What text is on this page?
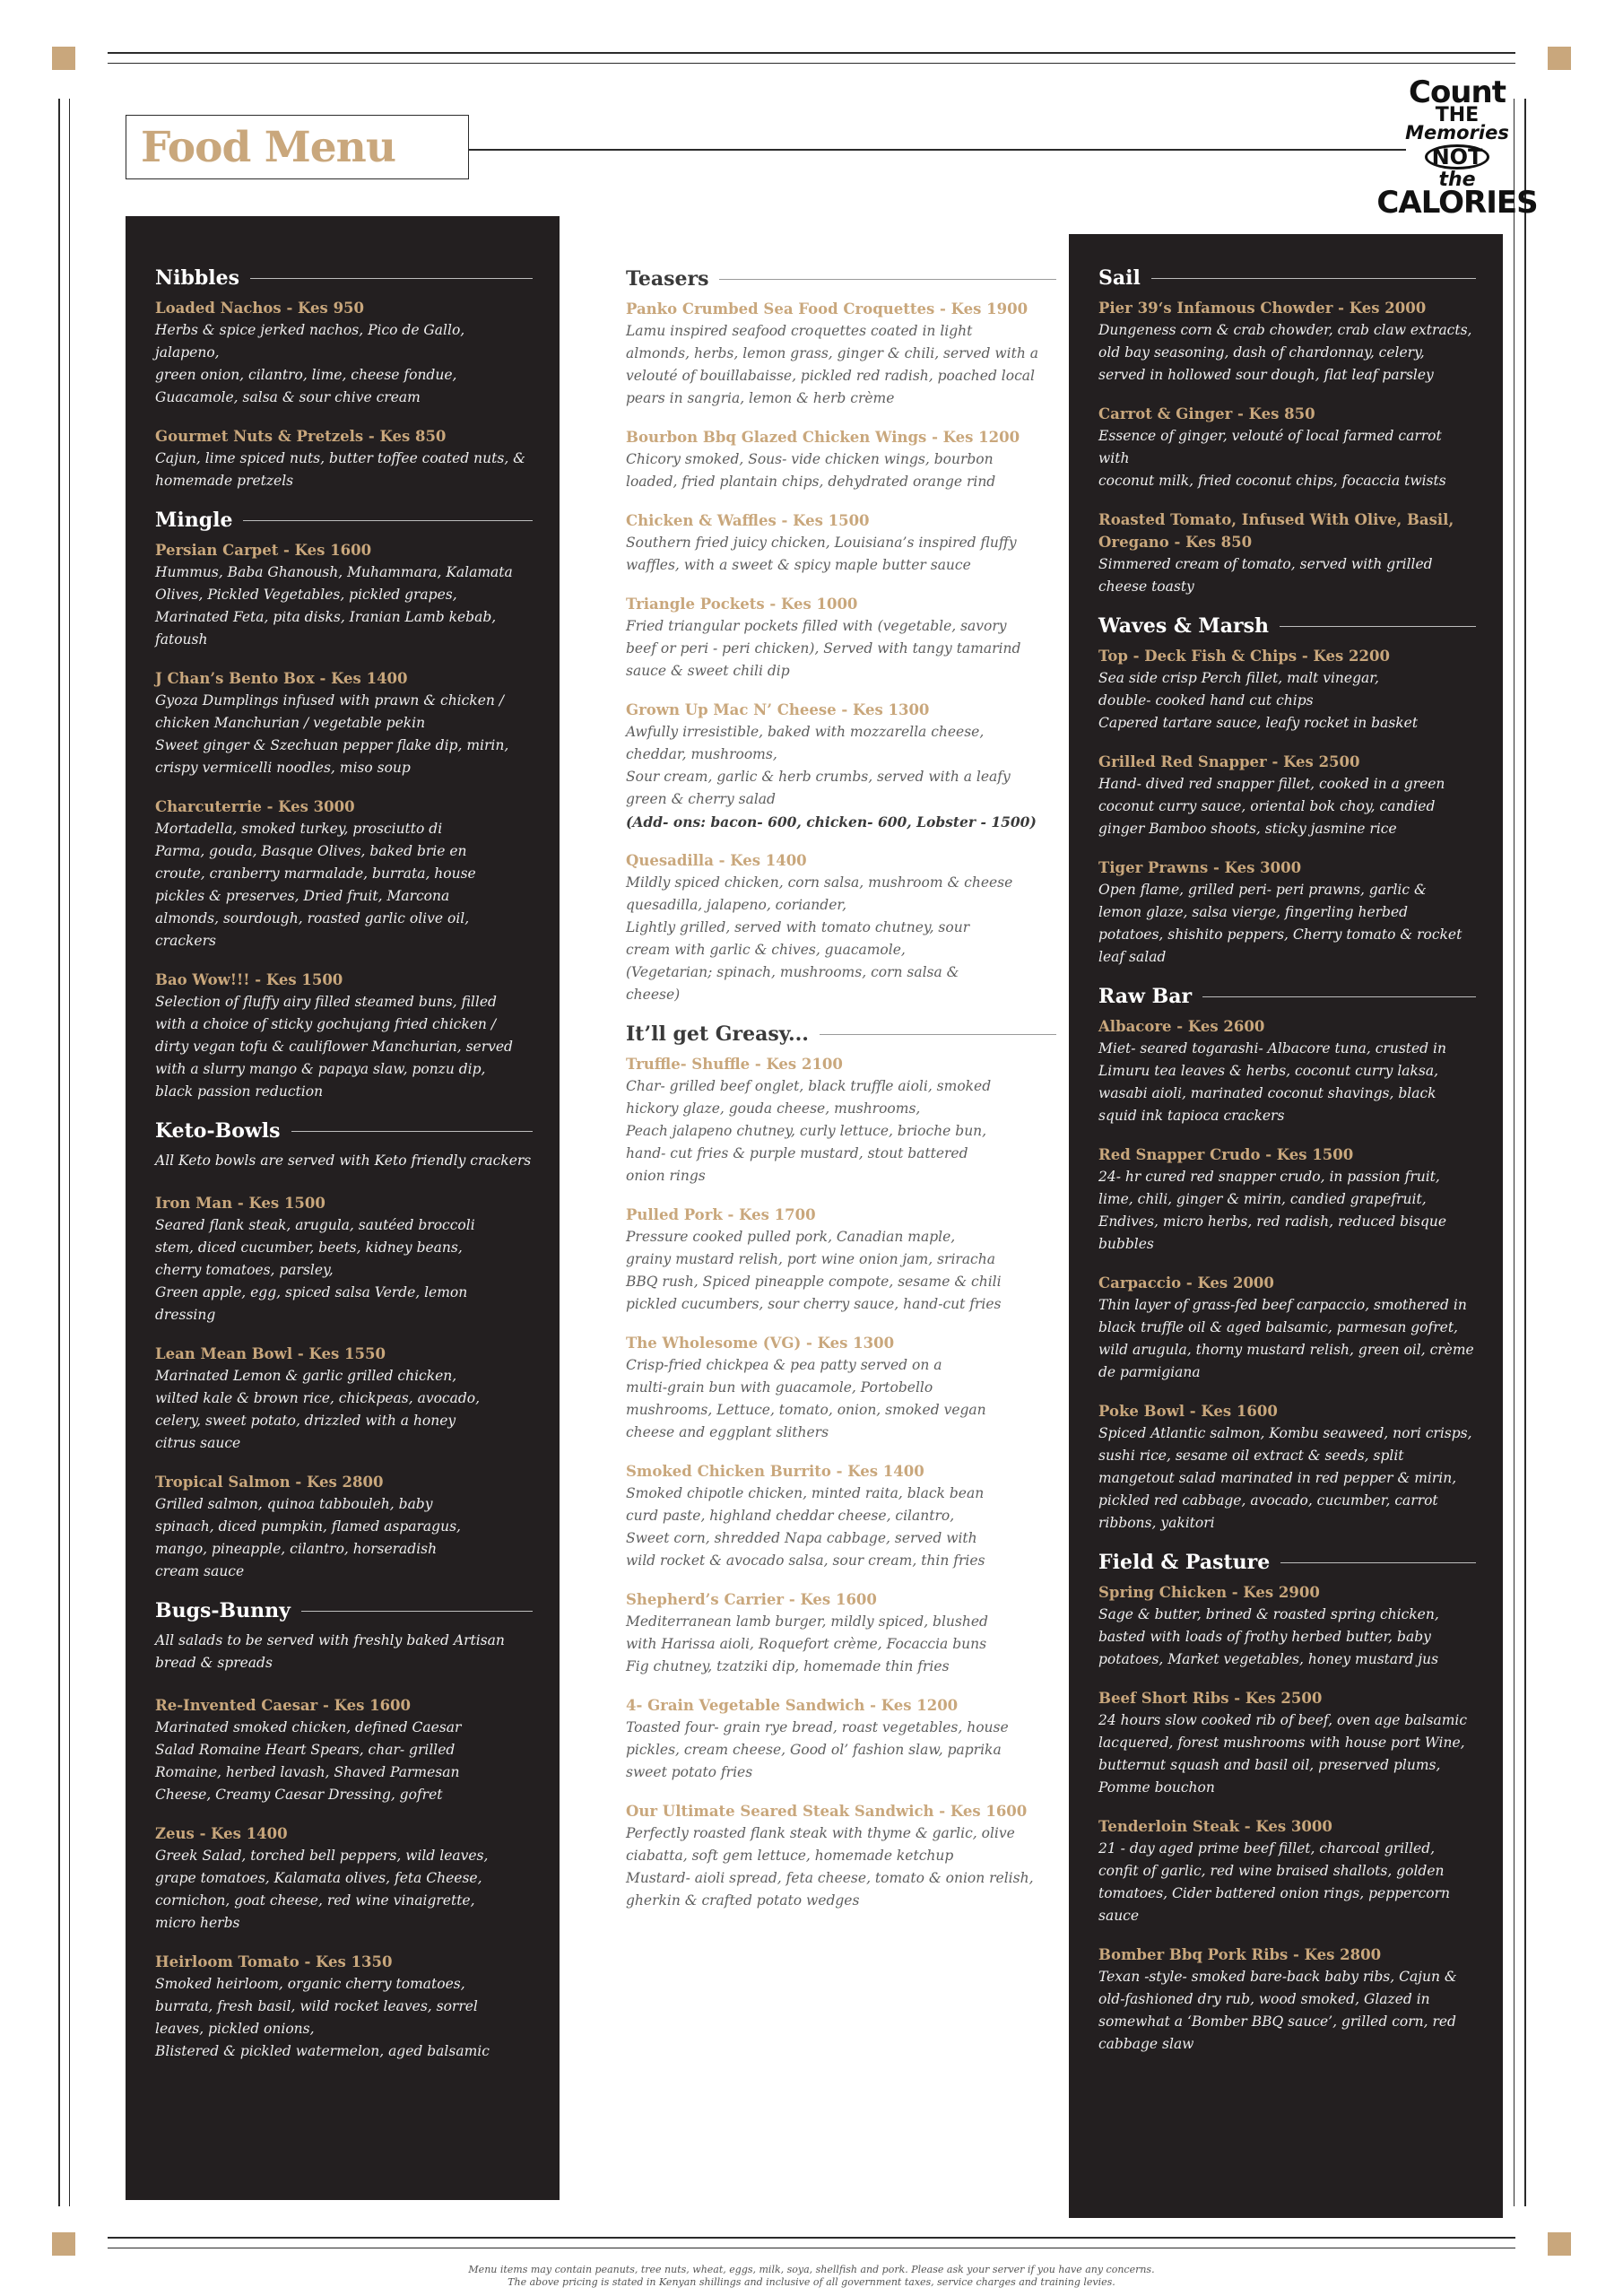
Food Menu
Count
THE
Memories
NOT
the
CALORIES
Nibbles
Loaded Nachos - Kes 950
Herbs & spice jerked nachos, Pico de Gallo, jalapeno,
green onion, cilantro, lime, cheese fondue,
Guacamole, salsa & sour chive cream
Gourmet Nuts & Pretzels - Kes 850
Cajun, lime spiced nuts, butter toffee coated nuts, &
homemade pretzels
Mingle
Persian Carpet - Kes 1600
Hummus, Baba Ghanoush, Muhammara, Kalamata
Olives, Pickled Vegetables, pickled grapes,
Marinated Feta, pita disks, Iranian Lamb kebab,
fatoush
J Chan’s Bento Box - Kes 1400
Gyoza Dumplings infused with prawn & chicken /
chicken Manchurian / vegetable pekin
Sweet ginger & Szechuan pepper flake dip, mirin,
crispy vermicelli noodles, miso soup
Charcuterrie - Kes 3000
Mortadella, smoked turkey, prosciutto di
Parma, gouda, Basque Olives, baked brie en
croute, cranberry marmalade, burrata, house
pickles & preserves, Dried fruit, Marcona
almonds, sourdough, roasted garlic olive oil,
crackers
Bao Wow!!! - Kes 1500
Selection of fluffy airy filled steamed buns, filled
with a choice of sticky gochujang fried chicken /
dirty vegan tofu & cauliflower Manchurian, served
with a slurry mango & papaya slaw, ponzu dip,
black passion reduction
Keto-Bowls
All Keto bowls are served with Keto friendly crackers
Iron Man - Kes 1500
Seared flank steak, arugula, sautéed broccoli
stem, diced cucumber, beets, kidney beans,
cherry tomatoes, parsley,
Green apple, egg, spiced salsa Verde, lemon
dressing
Lean Mean Bowl - Kes 1550
Marinated Lemon & garlic grilled chicken,
wilted kale & brown rice, chickpeas, avocado,
celery, sweet potato, drizzled with a honey
citrus sauce
Tropical Salmon - Kes 2800
Grilled salmon, quinoa tabbouleh, baby
spinach, diced pumpkin, flamed asparagus,
mango, pineapple, cilantro, horseradish
cream sauce
Bugs-Bunny
All salads to be served with freshly baked Artisan bread & spreads
Re-Invented Caesar - Kes 1600
Marinated smoked chicken, defined Caesar
Salad Romaine Heart Spears, char- grilled
Romaine, herbed lavash, Shaved Parmesan
Cheese, Creamy Caesar Dressing, gofret
Zeus - Kes 1400
Greek Salad, torched bell peppers, wild leaves,
grape tomatoes, Kalamata olives, feta Cheese,
cornichon, goat cheese, red wine vinaigrette,
micro herbs
Heirloom Tomato - Kes 1350
Smoked heirloom, organic cherry tomatoes,
burrata, fresh basil, wild rocket leaves, sorrel
leaves, pickled onions,
Blistered & pickled watermelon, aged balsamic
Teasers
Panko Crumbed Sea Food Croquettes - Kes 1900
Lamu inspired seafood croquettes coated in light
almonds, herbs, lemon grass, ginger & chili, served with a
velouté of bouillabaisse, pickled red radish, poached local
pears in sangria, lemon & herb crème
Bourbon Bbq Glazed Chicken Wings - Kes 1200
Chicory smoked, Sous- vide chicken wings, bourbon
loaded, fried plantain chips, dehydrated orange rind
Chicken & Waffles - Kes 1500
Southern fried juicy chicken, Louisiana’s inspired fluffy
waffles, with a sweet & spicy maple butter sauce
Triangle Pockets - Kes 1000
Fried triangular pockets filled with (vegetable, savory
beef or peri - peri chicken), Served with tangy tamarind
sauce & sweet chili dip
Grown Up Mac N’ Cheese - Kes 1300
Awfully irresistible, baked with mozzarella cheese,
cheddar, mushrooms,
Sour cream, garlic & herb crumbs, served with a leafy
green & cherry salad
(Add- ons: bacon- 600, chicken- 600, Lobster - 1500)
Quesadilla - Kes 1400
Mildly spiced chicken, corn salsa, mushroom & cheese
quesadilla, jalapeno, coriander,
Lightly grilled, served with tomato chutney, sour
cream with garlic & chives, guacamole,
(Vegetarian; spinach, mushrooms, corn salsa &
cheese)
It’ll get Greasy...
Truffle- Shuffle - Kes 2100
Char- grilled beef onglet, black truffle aioli, smoked
hickory glaze, gouda cheese, mushrooms,
Peach jalapeno chutney, curly lettuce, brioche bun,
hand- cut fries & purple mustard, stout battered
onion rings
Pulled Pork - Kes 1700
Pressure cooked pulled pork, Canadian maple,
grainy mustard relish, port wine onion jam, sriracha
BBQ rush, Spiced pineapple compote, sesame & chili
pickled cucumbers, sour cherry sauce, hand-cut fries
The Wholesome (VG) - Kes 1300
Crisp-fried chickpea & pea patty served on a
multi-grain bun with guacamole, Portobello
mushrooms, Lettuce, tomato, onion, smoked vegan
cheese and eggplant slithers
Smoked Chicken Burrito - Kes 1400
Smoked chipotle chicken, minted raita, black bean
curd paste, highland cheddar cheese, cilantro,
Sweet corn, shredded Napa cabbage, served with
wild rocket & avocado salsa, sour cream, thin fries
Shepherd’s Carrier - Kes 1600
Mediterranean lamb burger, mildly spiced, blushed
with Harissa aioli, Roquefort crème, Focaccia buns
Fig chutney, tzatziki dip, homemade thin fries
4- Grain Vegetable Sandwich - Kes 1200
Toasted four- grain rye bread, roast vegetables, house
pickles, cream cheese, Good ol’ fashion slaw, paprika
sweet potato fries
Our Ultimate Seared Steak Sandwich - Kes 1600
Perfectly roasted flank steak with thyme & garlic, olive
ciabatta, soft gem lettuce, homemade ketchup
Mustard- aioli spread, feta cheese, tomato & onion relish,
gherkin & crafted potato wedges
Sail
Pier 39‘s Infamous Chowder - Kes 2000
Dungeness corn & crab chowder, crab claw extracts,
old bay seasoning, dash of chardonnay, celery,
served in hollowed sour dough, flat leaf parsley
Carrot & Ginger - Kes 850
Essence of ginger, velouté of local farmed carrot with
coconut milk, fried coconut chips, focaccia twists
Roasted Tomato, Infused With Olive, Basil,
Oregano - Kes 850
Simmered cream of tomato, served with grilled
cheese toasty
Waves & Marsh
Top - Deck Fish & Chips - Kes 2200
Sea side crisp Perch fillet, malt vinegar,
double- cooked hand cut chips
Capered tartare sauce, leafy rocket in basket
Grilled Red Snapper - Kes 2500
Hand- dived red snapper fillet, cooked in a green
coconut curry sauce, oriental bok choy, candied
ginger Bamboo shoots, sticky jasmine rice
Tiger Prawns - Kes 3000
Open flame, grilled peri- peri prawns, garlic &
lemon glaze, salsa vierge, fingerling herbed
potatoes, shishito peppers, Cherry tomato & rocket
leaf salad
Raw Bar
Albacore - Kes 2600
Miet- seared togarashi- Albacore tuna, crusted in
Limuru tea leaves & herbs, coconut curry laksa,
wasabi aioli, marinated coconut shavings, black
squid ink tapioca crackers
Red Snapper Crudo - Kes 1500
24- hr cured red snapper crudo, in passion fruit,
lime, chili, ginger & mirin, candied grapefruit,
Endives, micro herbs, red radish, reduced bisque
bubbles
Carpaccio - Kes 2000
Thin layer of grass-fed beef carpaccio, smothered in
black truffle oil & aged balsamic, parmesan gofret,
wild arugula, thorny mustard relish, green oil, crème
de parmigiana
Poke Bowl - Kes 1600
Spiced Atlantic salmon, Kombu seaweed, nori crisps,
sushi rice, sesame oil extract & seeds, split
mangetout salad marinated in red pepper & mirin,
pickled red cabbage, avocado, cucumber, carrot
ribbons, yakitori
Field & Pasture
Spring Chicken - Kes 2900
Sage & butter, brined & roasted spring chicken,
basted with loads of frothy herbed butter, baby
potatoes, Market vegetables, honey mustard jus
Beef Short Ribs - Kes 2500
24 hours slow cooked rib of beef, oven age balsamic
lacquered, forest mushrooms with house port Wine,
butternut squash and basil oil, preserved plums,
Pomme bouchon
Tenderloin Steak - Kes 3000
21 - day aged prime beef fillet, charcoal grilled,
confit of garlic, red wine braised shallots, golden
tomatoes, Cider battered onion rings, peppercorn
sauce
Bomber Bbq Pork Ribs - Kes 2800
Texan -style- smoked bare-back baby ribs, Cajun &
old-fashioned dry rub, wood smoked, Glazed in
somewhat a ‘Bomber BBQ sauce’, grilled corn, red
cabbage slaw
Menu items may contain peanuts, tree nuts, wheat, eggs, milk, soya, shellfish and pork. Please ask your server if you have any concerns.
The above pricing is stated in Kenyan shillings and inclusive of all government taxes, service charges and training levies.
